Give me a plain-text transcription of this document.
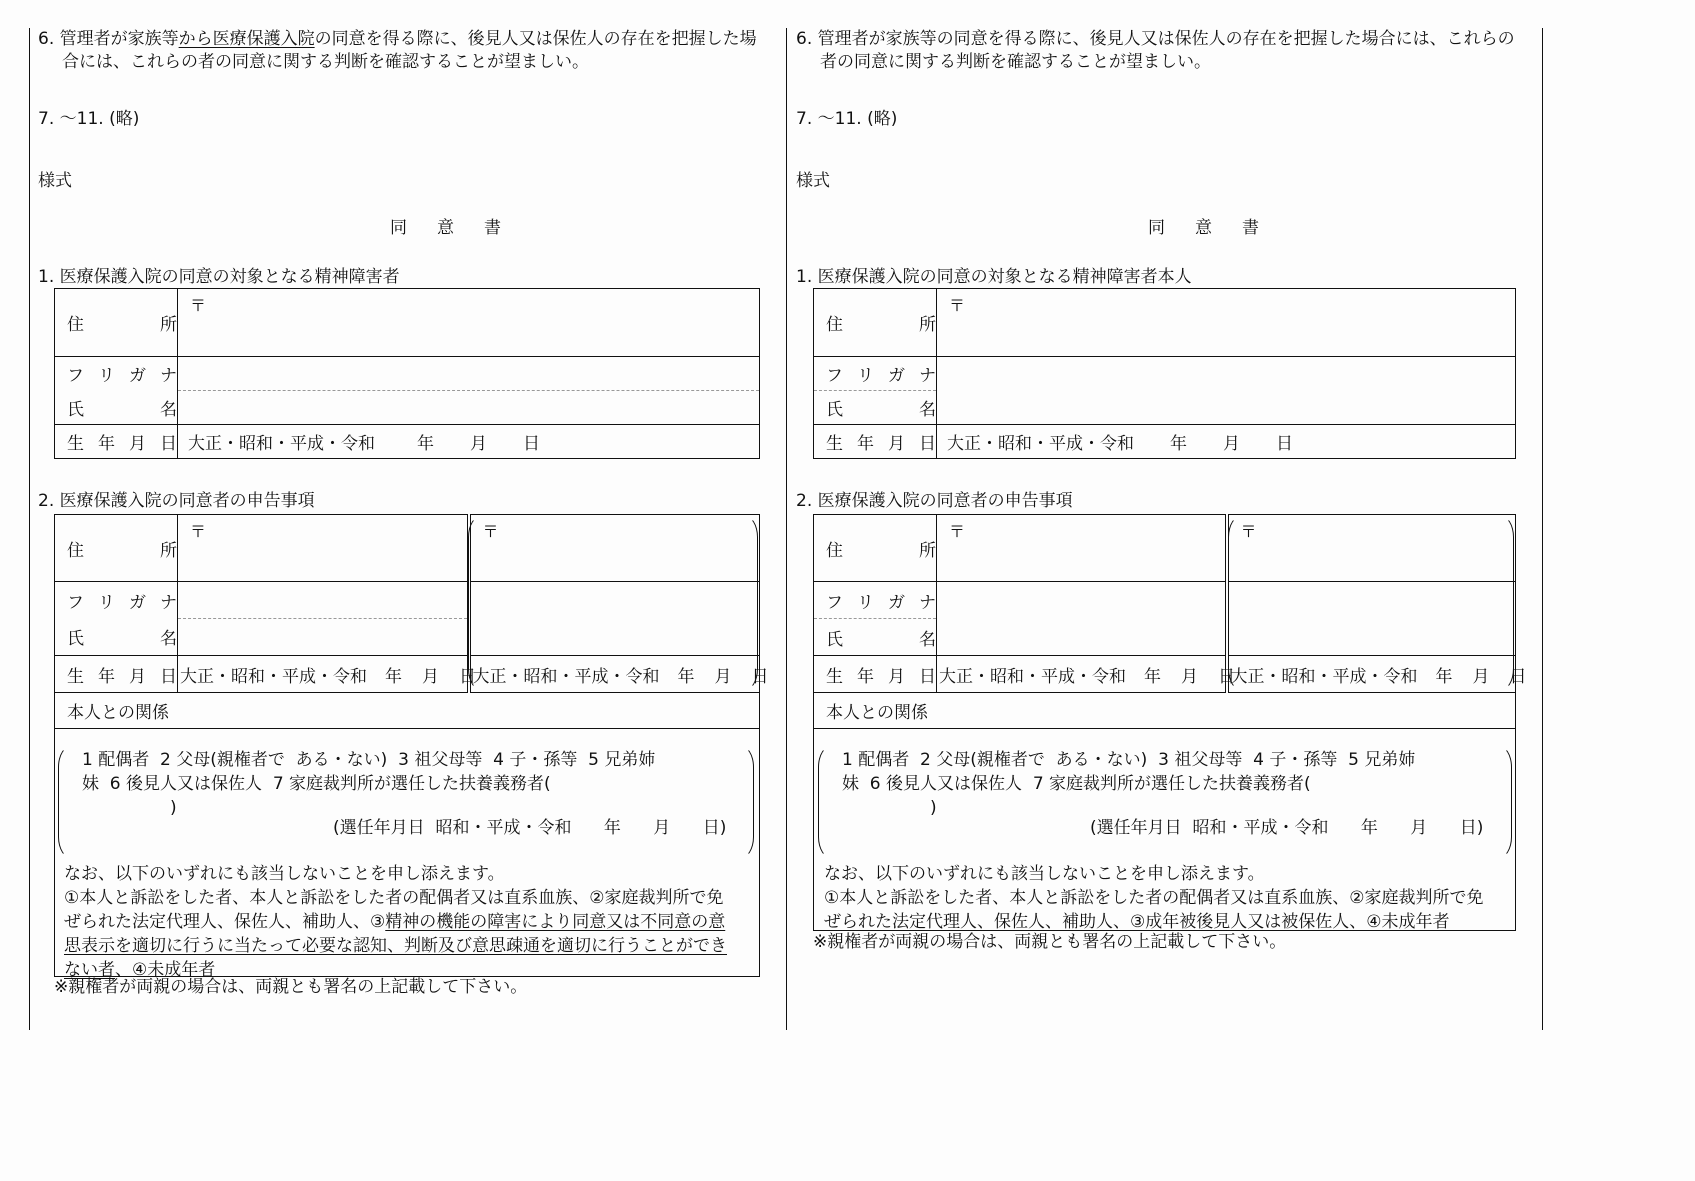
6. 管理者が家族等から医療保護入院の同意を得る際に、後見人又は保佐人の存在を把握した場
合には、これらの者の同意に関する判断を確認することが望ましい。
7. ～11. (略)
様式
同意書
1. 医療保護入院の同意の対象となる精神障害者
住 所	〒

フ リ ガ ナ	

氏 名	

生 年 月 日	大正・昭和・平成・令和 年 月 日
2. 医療保護入院の同意者の申告事項
住 所	〒	〒

フ リ ガ ナ		

氏 名		

生 年 月 日	大正・昭和・平成・令和 年 月 日	大正・昭和・平成・令和 年 月 日

本人との関係		

1 配偶者  2 父母(親権者で  ある・ない)  3 祖父母等  4 子・孫等  5 兄弟姉
妹  6 後見人又は保佐人  7 家庭裁判所が選任した扶養義務者(
)
(選任年月日  昭和・平成・令和      年      月      日)
なお、以下のいずれにも該当しないことを申し添えます。
①本人と訴訟をした者、本人と訴訟をした者の配偶者又は直系血族、②家庭裁判所で免
ぜられた法定代理人、保佐人、補助人、③精神の機能の障害により同意又は不同意の意
思表示を適切に行うに当たって必要な認知、判断及び意思疎通を適切に行うことができ
ない者、④未成年者
※親権者が両親の場合は、両親とも署名の上記載して下さい。
6. 管理者が家族等の同意を得る際に、後見人又は保佐人の存在を把握した場合には、これらの
者の同意に関する判断を確認することが望ましい。
7. ～11. (略)
様式
同意書
1. 医療保護入院の同意の対象となる精神障害者本人
住 所	〒

フ リ ガ ナ	

氏 名	

生 年 月 日	大正・昭和・平成・令和 年 月 日
2. 医療保護入院の同意者の申告事項
住 所	〒	〒

フ リ ガ ナ		

氏 名		

生 年 月 日	大正・昭和・平成・令和 年 月 日	大正・昭和・平成・令和 年 月 日

本人との関係		

1 配偶者  2 父母(親権者で  ある・ない)  3 祖父母等  4 子・孫等  5 兄弟姉
妹  6 後見人又は保佐人  7 家庭裁判所が選任した扶養義務者(
)
(選任年月日  昭和・平成・令和      年      月      日)
なお、以下のいずれにも該当しないことを申し添えます。
①本人と訴訟をした者、本人と訴訟をした者の配偶者又は直系血族、②家庭裁判所で免
ぜられた法定代理人、保佐人、補助人、③成年被後見人又は被保佐人、④未成年者
※親権者が両親の場合は、両親とも署名の上記載して下さい。
